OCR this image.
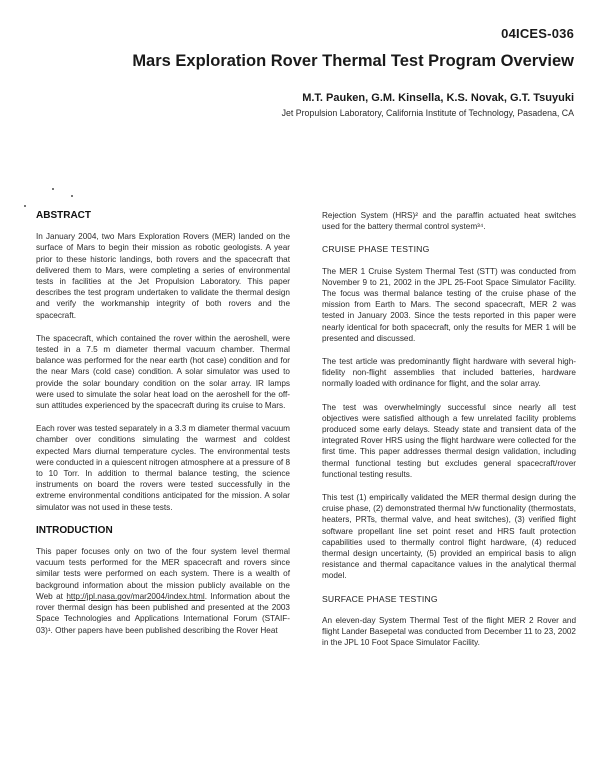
04ICES-036
Mars Exploration Rover Thermal Test Program Overview
M.T. Pauken, G.M. Kinsella, K.S. Novak, G.T. Tsuyuki
Jet Propulsion Laboratory, California Institute of Technology, Pasadena, CA
ABSTRACT

In January 2004, two Mars Exploration Rovers (MER) landed on the surface of Mars to begin their mission as robotic geologists. A year prior to these historic landings, both rovers and the spacecraft that delivered them to Mars, were completing a series of environmental tests in facilities at the Jet Propulsion Laboratory. This paper describes the test program undertaken to validate the thermal design and verify the workmanship integrity of both rovers and the spacecraft.

The spacecraft, which contained the rover within the aeroshell, were tested in a 7.5 m diameter thermal vacuum chamber. Thermal balance was performed for the near earth (hot case) condition and for the near Mars (cold case) condition. A solar simulator was used to provide the solar boundary condition on the solar array. IR lamps were used to simulate the solar heat load on the aeroshell for the off-sun attitudes experienced by the spacecraft during its cruise to Mars.

Each rover was tested separately in a 3.3 m diameter thermal vacuum chamber over conditions simulating the warmest and coldest expected Mars diurnal temperature cycles. The environmental tests were conducted in a quiescent nitrogen atmosphere at a pressure of 8 to 10 Torr. In addition to thermal balance testing, the science instruments on board the rovers were tested successfully in the extreme environmental conditions anticipated for the mission. A solar simulator was not used in these tests.

INTRODUCTION

This paper focuses only on two of the four system level thermal vacuum tests performed for the MER spacecraft and rovers since similar tests were performed on each system. There is a wealth of background information about the mission publicly available on the Web at http://jpl.nasa.gov/mar2004/index.html. Information about the rover thermal design has been published and presented at the 2003 Space Technologies and Applications International Forum (STAIF-03)¹. Other papers have been published describing the Rover Heat

Rejection System (HRS)² and the paraffin actuated heat switches used for the battery thermal control system³⁴.

CRUISE PHASE TESTING

The MER 1 Cruise System Thermal Test (STT) was conducted from November 9 to 21, 2002 in the JPL 25-Foot Space Simulator Facility. The focus was thermal balance testing of the cruise phase of the mission from Earth to Mars. The second spacecraft, MER 2 was tested in January 2003. Since the tests reported in this paper were nearly identical for both spacecraft, only the results for MER 1 will be presented and discussed.

The test article was predominantly flight hardware with several high-fidelity non-flight assemblies that included batteries, hardware normally loaded with ordinance for flight, and the solar array.

The test was overwhelmingly successful since nearly all test objectives were satisfied although a few unrelated facility problems produced some early delays. Steady state and transient data of the integrated Rover HRS using the flight hardware were collected for the first time. This paper addresses thermal design validation, including thermal functional testing but excludes general spacecraft/rover functional testing results.

This test (1) empirically validated the MER thermal design during the cruise phase, (2) demonstrated thermal h/w functionality (thermostats, heaters, PRTs, thermal valve, and heat switches), (3) verified flight software propellant line set point reset and HRS fault protection capabilities used to thermally control flight hardware, (4) reduced thermal design uncertainty, (5) provided an empirical basis to align resistance and thermal capacitance values in the analytical thermal model.

SURFACE PHASE TESTING

An eleven-day System Thermal Test of the flight MER 2 Rover and flight Lander Basepetal was conducted from December 11 to 23, 2002 in the JPL 10 Foot Space Simulator Facility.
